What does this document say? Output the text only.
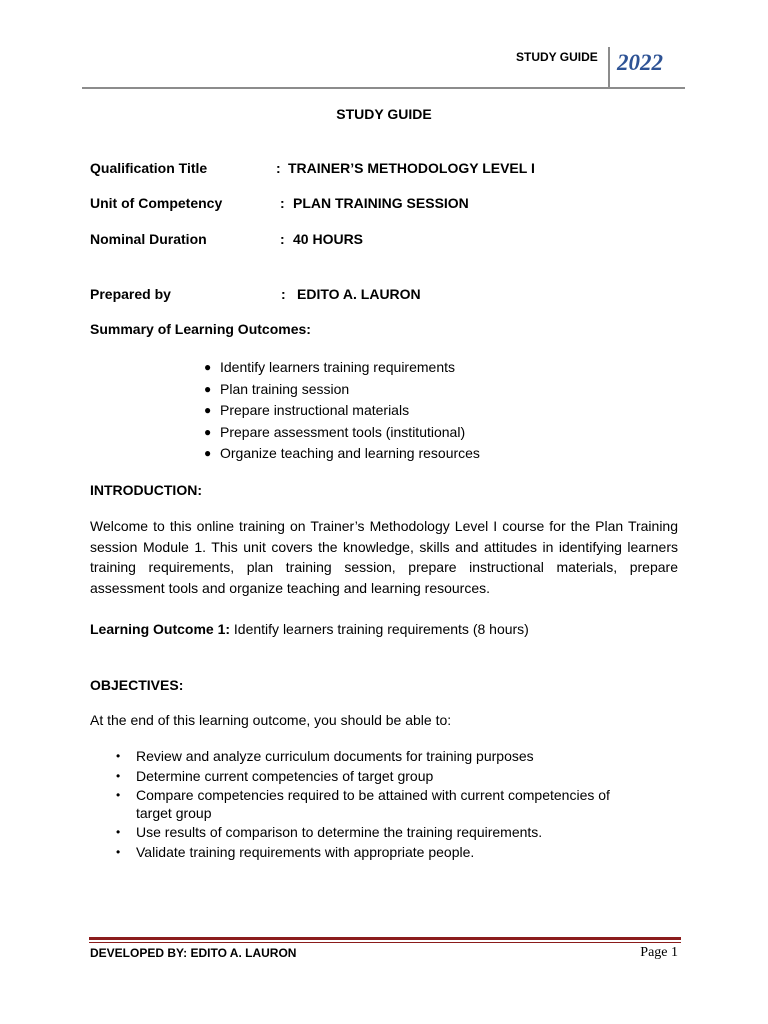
STUDY GUIDE 2022
STUDY GUIDE
Qualification Title	: TRAINER’S METHODOLOGY LEVEL I
Unit of Competency	: PLAN TRAINING SESSION
Nominal Duration	: 40 HOURS
Prepared by	: EDITO A. LAURON
Summary of Learning Outcomes:
● Identify learners training requirements
● Plan training session
● Prepare instructional materials
● Prepare assessment tools (institutional)
● Organize teaching and learning resources
INTRODUCTION:

Welcome to this online training on Trainer’s Methodology Level I course for the Plan Training session Module 1. This unit covers the knowledge, skills and attitudes in identifying learners training requirements, plan training session, prepare instructional materials, prepare assessment tools and organize teaching and learning resources.

Learning Outcome 1: Identify learners training requirements (8 hours)
OBJECTIVES:
At the end of this learning outcome, you should be able to:
• Review and analyze curriculum documents for training purposes
• Determine current competencies of target group
• Compare competencies required to be attained with current competencies of target group
• Use results of comparison to determine the training requirements.
• Validate training requirements with appropriate people.
DEVELOPED BY: EDITO A. LAURON	Page 1
